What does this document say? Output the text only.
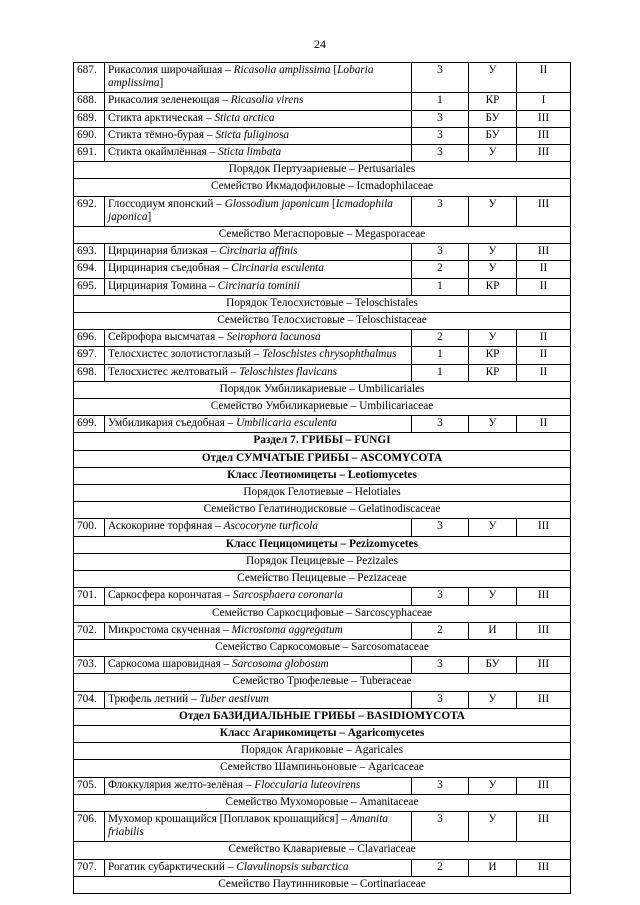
24
687.	Рикасолия широчайшая – Ricasolia amplissima [Lobaria amplissima]	3	У	II
688.	Рикасолия зеленеющая – Ricasolia virens	1	КР	I
689.	Стикта арктическая – Sticta arctica	3	БУ	III
690.	Стикта тёмно-бурая – Sticta fuliginosa	3	БУ	III
691.	Стикта окаймлённая – Sticta limbata	3	У	III
Порядок Пертузариевые – Pertusariales				
Семейство Икмадофиловые – Icmadophilaceae				
692.	Глоссодиум японский – Glossodium japonicum [Icmadophila japonica]	3	У	III
Семейство Мегаспоровые – Megasporaceae				
693.	Цирцинария близкая – Circinaria affinis	3	У	III
694.	Цирцинария съедобная – Circinaria esculenta	2	У	II
695.	Цирцинария Томина – Circinaria tominii	1	КР	II
Порядок Телосхистовые – Teloschistales				
Семейство Телосхистовые – Teloschistaceae				
696.	Сейрофора высмчатая – Seirophora lacunosa	2	У	II
697.	Телосхистес золотистоглазый – Teloschistes chrysophthalmus	1	КР	II
698.	Телосхистес желтоватый – Teloschistes flavicans	1	КР	II
Порядок Умбиликариевые – Umbilicariales				
Семейство Умбиликариевые – Umbilicariaceae				
699.	Умбиликария съедобная – Umbilicaria esculenta	3	У	II
Раздел 7. ГРИБЫ – FUNGI				
Отдел СУМЧАТЫЕ ГРИБЫ – ASCOMYCOTA				
Класс Леотиомицеты – Leotiomycetes				
Порядок Гелотиевые – Helotiales				
Семейство Гелатинодисковые – Gelatinodiscaceae				
700.	Аскокорине торфяная – Ascocoryne turficola	3	У	III
Класс Пецицомицеты – Pezizomycetes				
Порядок Пецицевые – Pezizales				
Семейство Пецицевые – Pezizaceae				
701.	Саркосфера корончатая – Sarcosphaera coronaria	3	У	III
Семейство Саркосцифовые – Sarcoscyphaceae				
702.	Микростома скученная – Microstoma aggregatum	2	И	III
Семейство Саркосомовые – Sarcosomataceae				
703.	Саркосома шаровидная – Sarcosoma globosum	3	БУ	III
Семейство Трюфелевые – Tuberaceae				
704.	Трюфель летний – Tuber aestivum	3	У	III
Отдел БАЗИДИАЛЬНЫЕ ГРИБЫ – BASIDIOMYCOTA				
Класс Агарикомицеты – Agaricomycetes				
Порядок Агариковые – Agaricales				
Семейство Шампиньоновые – Agaricaceae				
705.	Флоккулярия желто-зелёная – Floccularia luteovirens	3	У	III
Семейство Мухоморовые – Amanitaceae				
706.	Мухомор крошащийся [Поплавок крошащийся] – Amanita friabilis	3	У	III
Семейство Клавариевые – Clavariaceae				
707.	Рогатик субарктический – Clavulinopsis subarctica	2	И	III
Семейство Паутинниковые – Cortinariaceae				
